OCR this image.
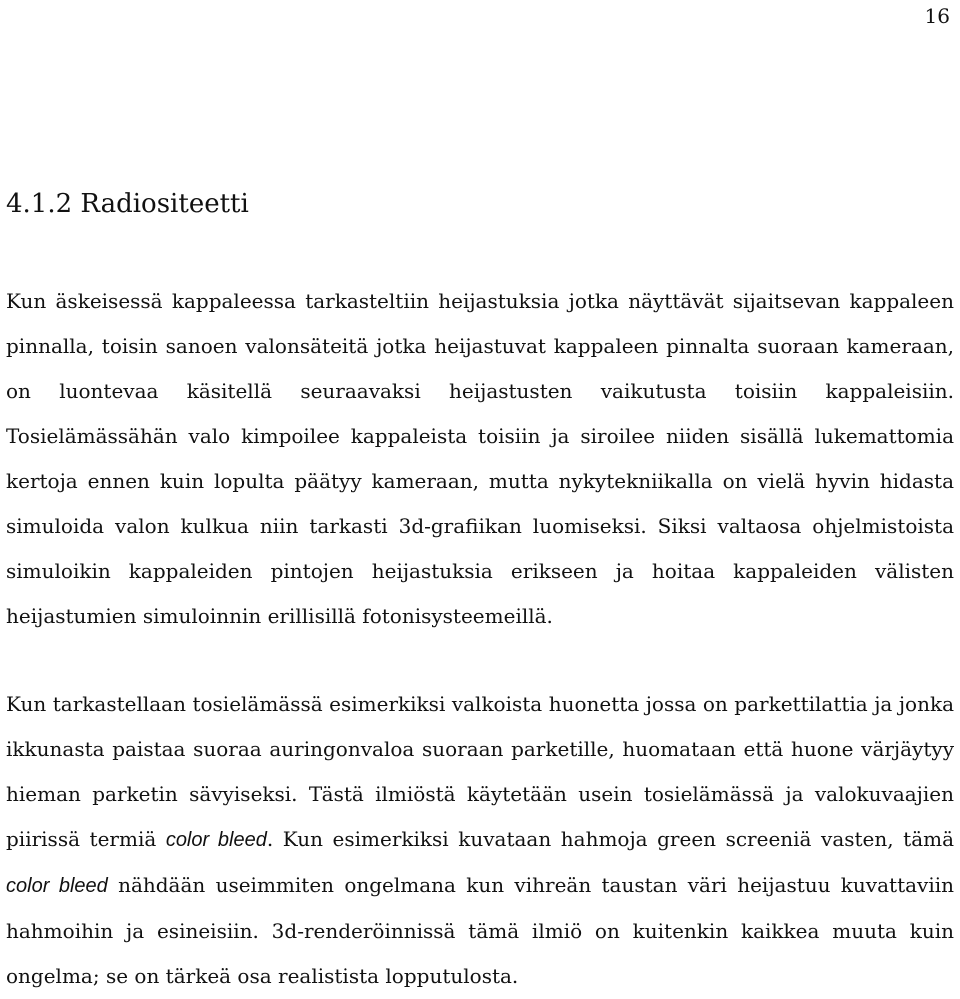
16
4.1.2 Radiositeetti

Kun äskeisessä kappaleessa tarkasteltiin heijastuksia jotka näyttävät sijaitsevan kappaleen pinnalla, toisin sanoen valonsäteitä jotka heijastuvat kappaleen pinnalta suoraan kameraan, on luontevaa käsitellä seuraavaksi heijastusten vaikutusta toisiin kappaleisiin. Tosielämässähän valo kimpoilee kappaleista toisiin ja siroilee niiden sisällä lukemattomia kertoja ennen kuin lopulta päätyy kameraan, mutta nykytekniikalla on vielä hyvin hidasta simuloida valon kulkua niin tarkasti 3d-grafiikan luomiseksi. Siksi valtaosa ohjelmistoista simuloikin kappaleiden pintojen heijastuksia erikseen ja hoitaa kappaleiden välisten heijastumien simuloinnin erillisillä fotonisysteemeillä.

Kun tarkastellaan tosielämässä esimerkiksi valkoista huonetta jossa on parkettilattia ja jonka ikkunasta paistaa suoraa auringonvaloa suoraan parketille, huomataan että huone värjäytyy hieman parketin sävyiseksi. Tästä ilmiöstä käytetään usein tosielämässä ja valokuvaajien piirissä termiä color bleed. Kun esimerkiksi kuvataan hahmoja green screeniä vasten, tämä color bleed nähdään useimmiten ongelmana kun vihreän taustan väri heijastuu kuvattaviin hahmoihin ja esineisiin. 3d-renderöinnissä tämä ilmiö on kuitenkin kaikkea muuta kuin ongelma; se on tärkeä osa realistista lopputulosta.
